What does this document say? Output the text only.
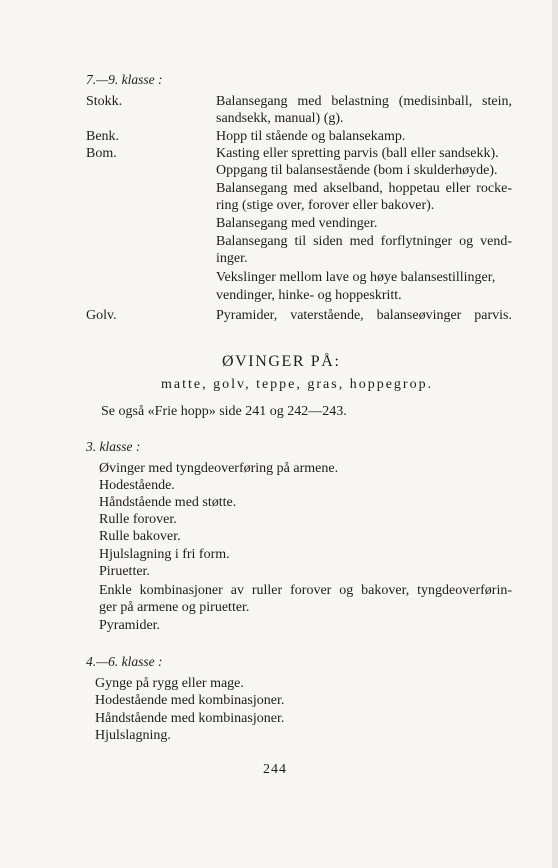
7.—9. klasse :
Stokk.
Benk.
Bom.
Golv.
Balansegang med belastning (medisinball, stein,
sandsekk, manual) (g).
Hopp til stående og balansekamp.
Kasting eller spretting parvis (ball eller sandsekk).
Oppgang til balansestående (bom i skulderhøyde).
Balansegang med akselband, hoppetau eller rocke-
ring (stige over, forover eller bakover).
Balansegang med vendinger.
Balansegang til siden med forflytninger og vend-
inger.
Vekslinger mellom lave og høye balansestillinger,
vendinger, hinke- og hoppeskritt.
Pyramider, vaterstående, balanseøvinger parvis.
ØVINGER PÅ:
matte, golv, teppe, gras, hoppegrop.
Se også «Frie hopp» side 241 og 242—243.
3. klasse :
Øvinger med tyngdeoverføring på armene.
Hodestående.
Håndstående med støtte.
Rulle forover.
Rulle bakover.
Hjulslagning i fri form.
Piruetter.
Enkle kombinasjoner av ruller forover og bakover, tyngdeoverførin-
ger på armene og piruetter.
Pyramider.
4.—6. klasse :
Gynge på rygg eller mage.
Hodestående med kombinasjoner.
Håndstående med kombinasjoner.
Hjulslagning.
244
